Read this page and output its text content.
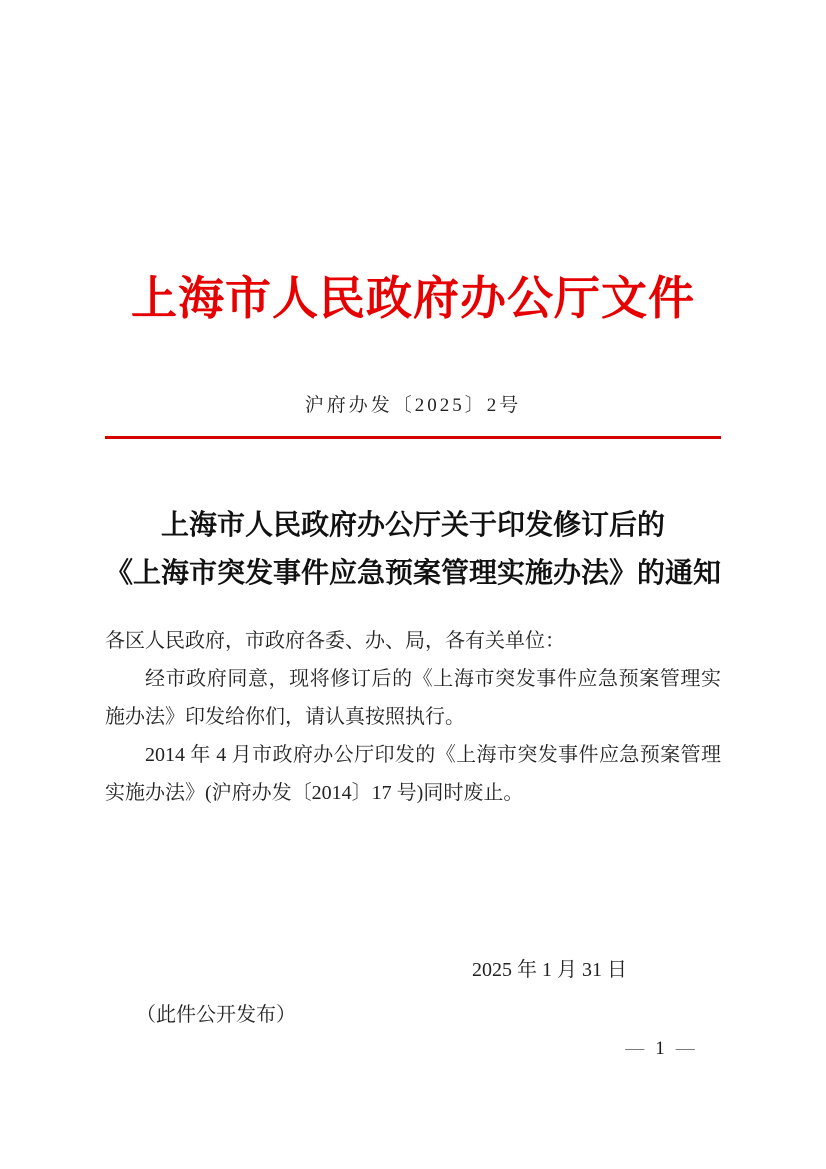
上海市人民政府办公厅文件
沪府办发〔2025〕2号
上海市人民政府办公厅关于印发修订后的
《上海市突发事件应急预案管理实施办法》的通知

各区人民政府，市政府各委、办、局，各有关单位：

经市政府同意，现将修订后的《上海市突发事件应急预案管理实施办法》印发给你们，请认真按照执行。

2014 年 4 月市政府办公厅印发的《上海市突发事件应急预案管理实施办法》(沪府办发〔2014〕17 号)同时废止。

2025 年 1 月 31 日
（此件公开发布）
— 1 —
